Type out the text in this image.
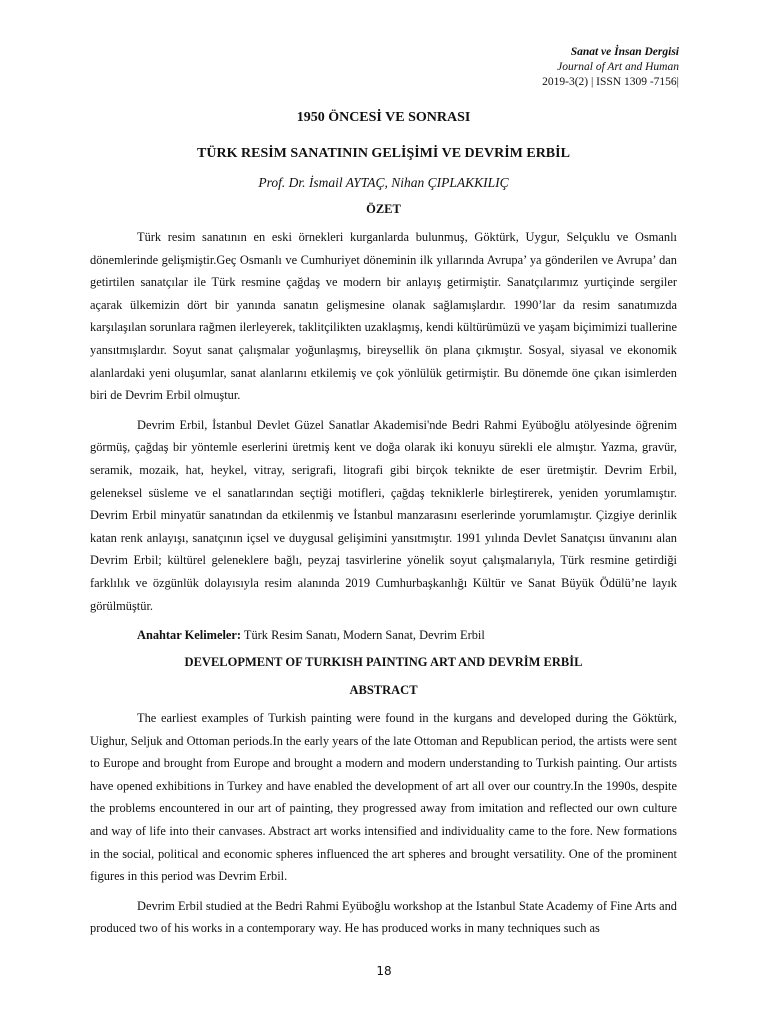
Sanat ve İnsan Dergisi
Journal of Art and Human
2019-3(2) | ISSN 1309 -7156|
1950 ÖNCESİ VE SONRASI
TÜRK RESİM SANATININ GELİŞİMİ VE DEVRİM ERBİL
Prof. Dr. İsmail AYTAÇ, Nihan ÇIPLAKKILIÇ
ÖZET

Türk resim sanatının en eski örnekleri kurganlarda bulunmuş, Göktürk, Uygur, Selçuklu ve Osmanlı dönemlerinde gelişmiştir.Geç Osmanlı ve Cumhuriyet döneminin ilk yıllarında Avrupa’ ya gönderilen ve Avrupa’ dan getirtilen sanatçılar ile Türk resmine çağdaş ve modern bir anlayış getirmiştir. Sanatçılarımız yurtiçinde sergiler açarak ülkemizin dört bir yanında sanatın gelişmesine olanak sağlamışlardır. 1990’lar da resim sanatımızda karşılaşılan sorunlara rağmen ilerleyerek, taklitçilikten uzaklaşmış, kendi kültürümüzü ve yaşam biçimimizi tuallerine yansıtmışlardır. Soyut sanat çalışmalar yoğunlaşmış, bireysellik ön plana çıkmıştır. Sosyal, siyasal ve ekonomik alanlardaki yeni oluşumlar, sanat alanlarını etkilemiş ve çok yönlülük getirmiştir. Bu dönemde öne çıkan isimlerden biri de Devrim Erbil olmuştur.

Devrim Erbil, İstanbul Devlet Güzel Sanatlar Akademisi'nde Bedri Rahmi Eyüboğlu atölyesinde öğrenim görmüş, çağdaş bir yöntemle eserlerini üretmiş kent ve doğa olarak iki konuyu sürekli ele almıştır. Yazma, gravür, seramik, mozaik, hat, heykel, vitray, serigrafi, litografi gibi birçok teknikte de eser üretmiştir. Devrim Erbil, geleneksel süsleme ve el sanatlarından seçtiği motifleri, çağdaş tekniklerle birleştirerek, yeniden yorumlamıştır. Devrim Erbil minyatür sanatından da etkilenmiş ve İstanbul manzarasını eserlerinde yorumlamıştır. Çizgiye derinlik katan renk anlayışı, sanatçının içsel ve duygusal gelişimini yansıtmıştır. 1991 yılında Devlet Sanatçısı ünvanını alan Devrim Erbil; kültürel geleneklere bağlı, peyzaj tasvirlerine yönelik soyut çalışmalarıyla, Türk resmine getirdiği farklılık ve özgünlük dolayısıyla resim alanında 2019 Cumhurbaşkanlığı Kültür ve Sanat Büyük Ödülü’ne layık görülmüştür.

Anahtar Kelimeler: Türk Resim Sanatı, Modern Sanat, Devrim Erbil
DEVELOPMENT OF TURKISH PAINTING ART AND DEVRİM ERBİL
ABSTRACT

The earliest examples of Turkish painting were found in the kurgans and developed during the Göktürk, Uighur, Seljuk and Ottoman periods.In the early years of the late Ottoman and Republican period, the artists were sent to Europe and brought from Europe and brought a modern and modern understanding to Turkish painting. Our artists have opened exhibitions in Turkey and have enabled the development of art all over our country.In the 1990s, despite the problems encountered in our art of painting, they progressed away from imitation and reflected our own culture and way of life into their canvases. Abstract art works intensified and individuality came to the fore. New formations in the social, political and economic spheres influenced the art spheres and brought versatility. One of the prominent figures in this period was Devrim Erbil.

Devrim Erbil studied at the Bedri Rahmi Eyüboğlu workshop at the Istanbul State Academy of Fine Arts and produced two of his works in a contemporary way. He has produced works in many techniques such as

18
